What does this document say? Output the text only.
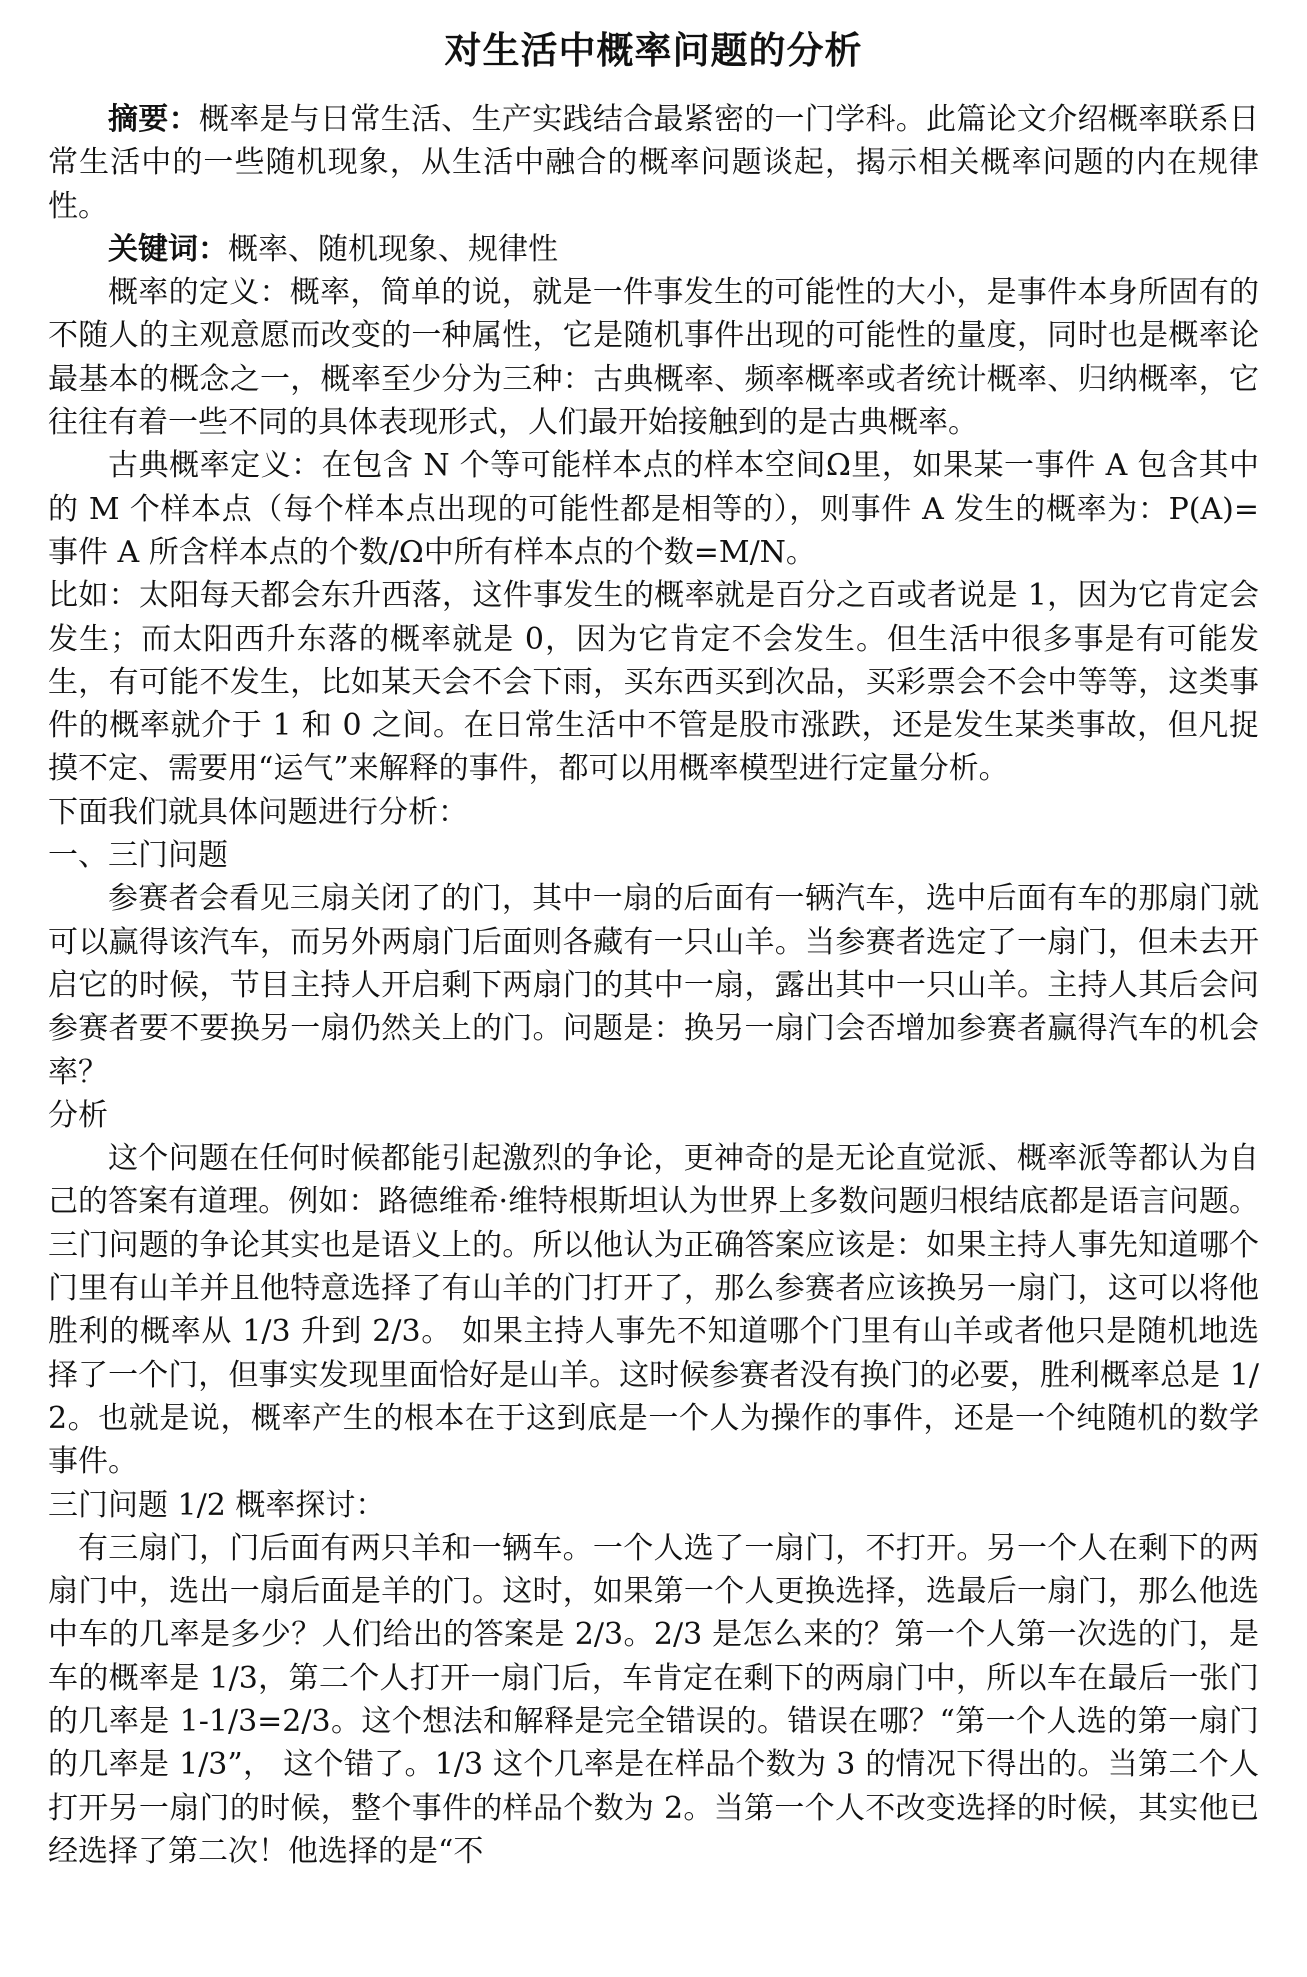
对生活中概率问题的分析

摘要：概率是与日常生活、生产实践结合最紧密的一门学科。此篇论文介绍概率联系日常生活中的一些随机现象，从生活中融合的概率问题谈起，揭示相关概率问题的内在规律性。

关键词：概率、随机现象、规律性

概率的定义：概率，简单的说，就是一件事发生的可能性的大小，是事件本身所固有的不随人的主观意愿而改变的一种属性，它是随机事件出现的可能性的量度，同时也是概率论最基本的概念之一，概率至少分为三种：古典概率、频率概率或者统计概率、归纳概率，它往往有着一些不同的具体表现形式，人们最开始接触到的是古典概率。

古典概率定义：在包含 N 个等可能样本点的样本空间Ω里，如果某一事件 A 包含其中的 M 个样本点（每个样本点出现的可能性都是相等的），则事件 A 发生的概率为：P(A)=事件 A 所含样本点的个数/Ω中所有样本点的个数=M/N。

比如：太阳每天都会东升西落，这件事发生的概率就是百分之百或者说是 1，因为它肯定会发生；而太阳西升东落的概率就是 0，因为它肯定不会发生。但生活中很多事是有可能发生，有可能不发生，比如某天会不会下雨，买东西买到次品，买彩票会不会中等等，这类事件的概率就介于 1 和 0 之间。在日常生活中不管是股市涨跌，还是发生某类事故，但凡捉摸不定、需要用“运气”来解释的事件，都可以用概率模型进行定量分析。

下面我们就具体问题进行分析：

一、三门问题

参赛者会看见三扇关闭了的门，其中一扇的后面有一辆汽车，选中后面有车的那扇门就可以赢得该汽车，而另外两扇门后面则各藏有一只山羊。当参赛者选定了一扇门，但未去开启它的时候，节目主持人开启剩下两扇门的其中一扇，露出其中一只山羊。主持人其后会问参赛者要不要换另一扇仍然关上的门。问题是：换另一扇门会否增加参赛者赢得汽车的机会率？

分析

这个问题在任何时候都能引起激烈的争论，更神奇的是无论直觉派、概率派等都认为自己的答案有道理。例如：路德维希·维特根斯坦认为世界上多数问题归根结底都是语言问题。三门问题的争论其实也是语义上的。所以他认为正确答案应该是：如果主持人事先知道哪个门里有山羊并且他特意选择了有山羊的门打开了，那么参赛者应该换另一扇门，这可以将他胜利的概率从 1/3 升到 2/3。 如果主持人事先不知道哪个门里有山羊或者他只是随机地选择了一个门，但事实发现里面恰好是山羊。这时候参赛者没有换门的必要，胜利概率总是 1/2。也就是说，概率产生的根本在于这到底是一个人为操作的事件，还是一个纯随机的数学事件。

三门问题 1/2 概率探讨：

有三扇门，门后面有两只羊和一辆车。一个人选了一扇门，不打开。另一个人在剩下的两扇门中，选出一扇后面是羊的门。这时，如果第一个人更换选择，选最后一扇门，那么他选中车的几率是多少？人们给出的答案是 2/3。2/3 是怎么来的？第一个人第一次选的门，是车的概率是 1/3，第二个人打开一扇门后，车肯定在剩下的两扇门中，所以车在最后一张门的几率是 1-1/3=2/3。这个想法和解释是完全错误的。错误在哪？“第一个人选的第一扇门的几率是 1/3”， 这个错了。1/3 这个几率是在样品个数为 3 的情况下得出的。当第二个人打开另一扇门的时候，整个事件的样品个数为 2。当第一个人不改变选择的时候，其实他已经选择了第二次！他选择的是“不
